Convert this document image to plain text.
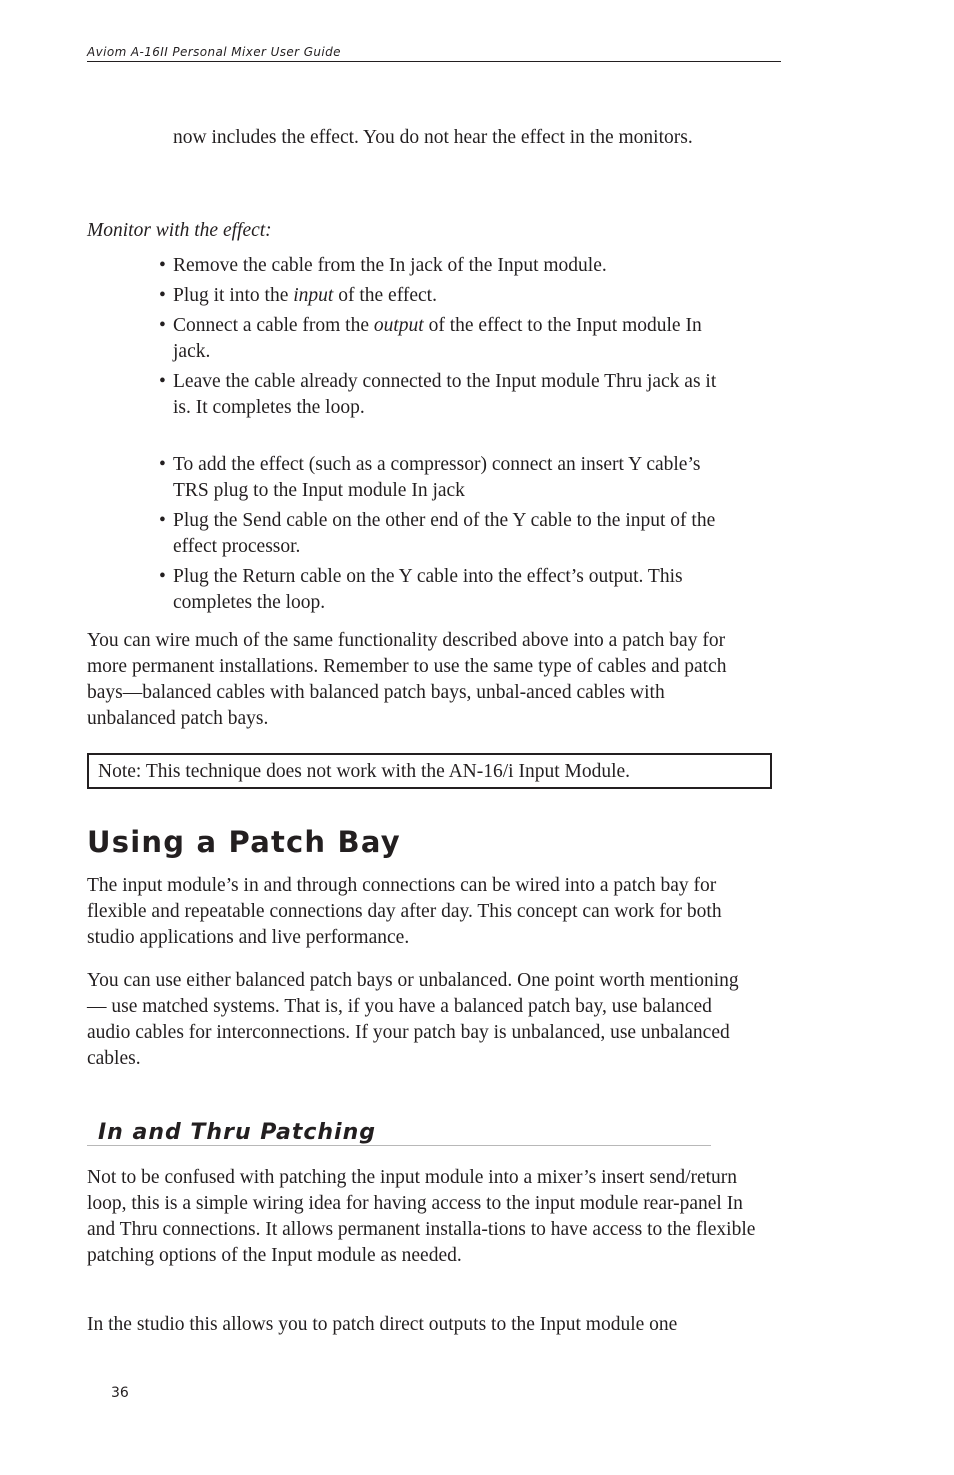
Aviom A-16II Personal Mixer User Guide

now includes the effect. You do not hear the effect in the monitors.

Monitor with the effect:

• Remove the cable from the In jack of the Input module.
• Plug it into the input of the effect.
• Connect a cable from the output of the effect to the Input module In jack.
• Leave the cable already connected to the Input module Thru jack as it is. It completes the loop.
• To add the effect (such as a compressor) connect an insert Y cable’s TRS plug to the Input module In jack
• Plug the Send cable on the other end of the Y cable to the input of the effect processor.
• Plug the Return cable on the Y cable into the effect’s output. This completes the loop.

You can wire much of the same functionality described above into a patch bay for more permanent installations. Remember to use the same type of cables and patch bays—balanced cables with balanced patch bays, unbal-anced cables with unbalanced patch bays.

Note: This technique does not work with the AN-16/i Input Module.
Using a Patch Bay

The input module’s in and through connections can be wired into a patch bay for flexible and repeatable connections day after day. This concept can work for both studio applications and live performance.

You can use either balanced patch bays or unbalanced. One point worth mentioning— use matched systems. That is, if you have a balanced patch bay, use balanced audio cables for interconnections. If your patch bay is unbalanced, use unbalanced cables.

In and Thru Patching

Not to be confused with patching the input module into a mixer’s insert send/return loop, this is a simple wiring idea for having access to the input module rear-panel In and Thru connections. It allows permanent installa-tions to have access to the flexible patching options of the Input module as needed.

In the studio this allows you to patch direct outputs to the Input module one

36
